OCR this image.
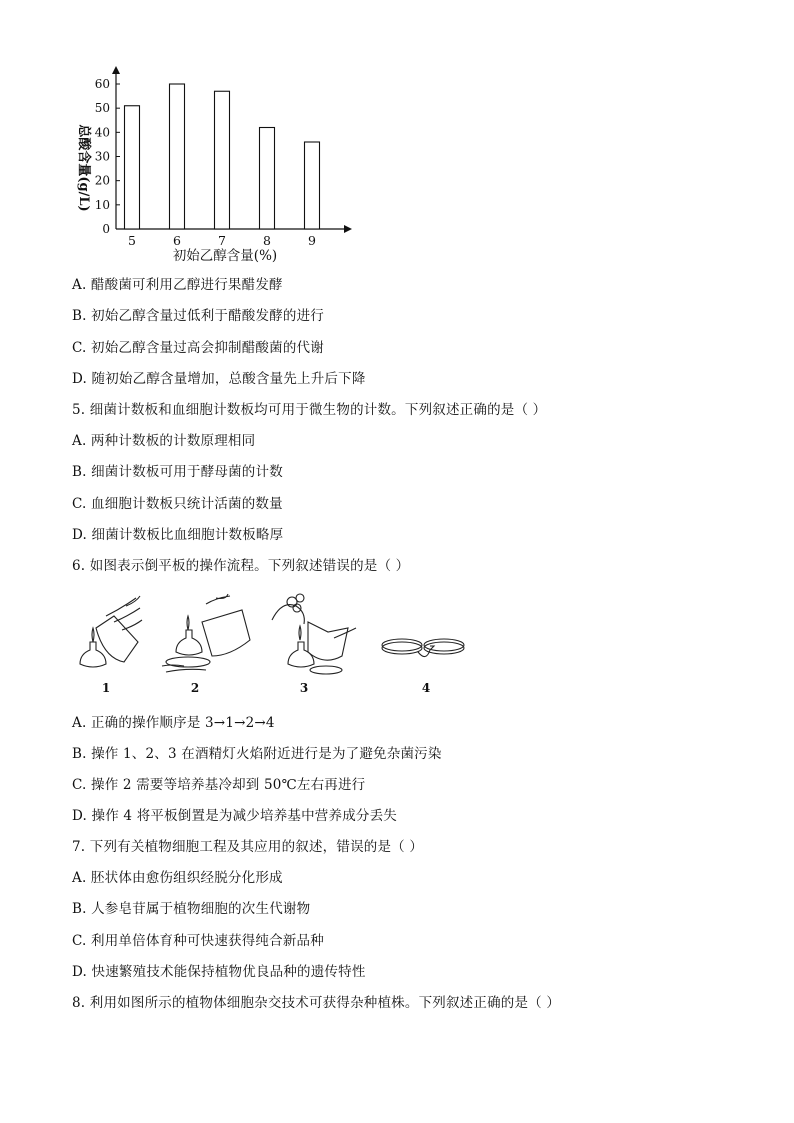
0
10
20
30
40
50
60
5	6	7	8	9
总酸含量(g/L)
初始乙醇含量(%)
A. 醋酸菌可利用乙醇进行果醋发酵
B. 初始乙醇含量过低利于醋酸发酵的进行
C. 初始乙醇含量过高会抑制醋酸菌的代谢
D. 随初始乙醇含量增加，总酸含量先上升后下降
5. 细菌计数板和血细胞计数板均可用于微生物的计数。下列叙述正确的是（ ）
A. 两种计数板的计数原理相同
B. 细菌计数板可用于酵母菌的计数
C. 血细胞计数板只统计活菌的数量
D. 细菌计数板比血细胞计数板略厚
6. 如图表示倒平板的操作流程。下列叙述错误的是（ ）
1	2	3	4
A. 正确的操作顺序是 3→1→2→4
B. 操作 1、2、3 在酒精灯火焰附近进行是为了避免杂菌污染
C. 操作 2 需要等培养基冷却到 50℃左右再进行
D. 操作 4 将平板倒置是为减少培养基中营养成分丢失
7. 下列有关植物细胞工程及其应用的叙述，错误的是（ ）
A. 胚状体由愈伤组织经脱分化形成
B. 人参皂苷属于植物细胞的次生代谢物
C. 利用单倍体育种可快速获得纯合新品种
D. 快速繁殖技术能保持植物优良品种的遗传特性
8. 利用如图所示的植物体细胞杂交技术可获得杂种植株。下列叙述正确的是（ ）
